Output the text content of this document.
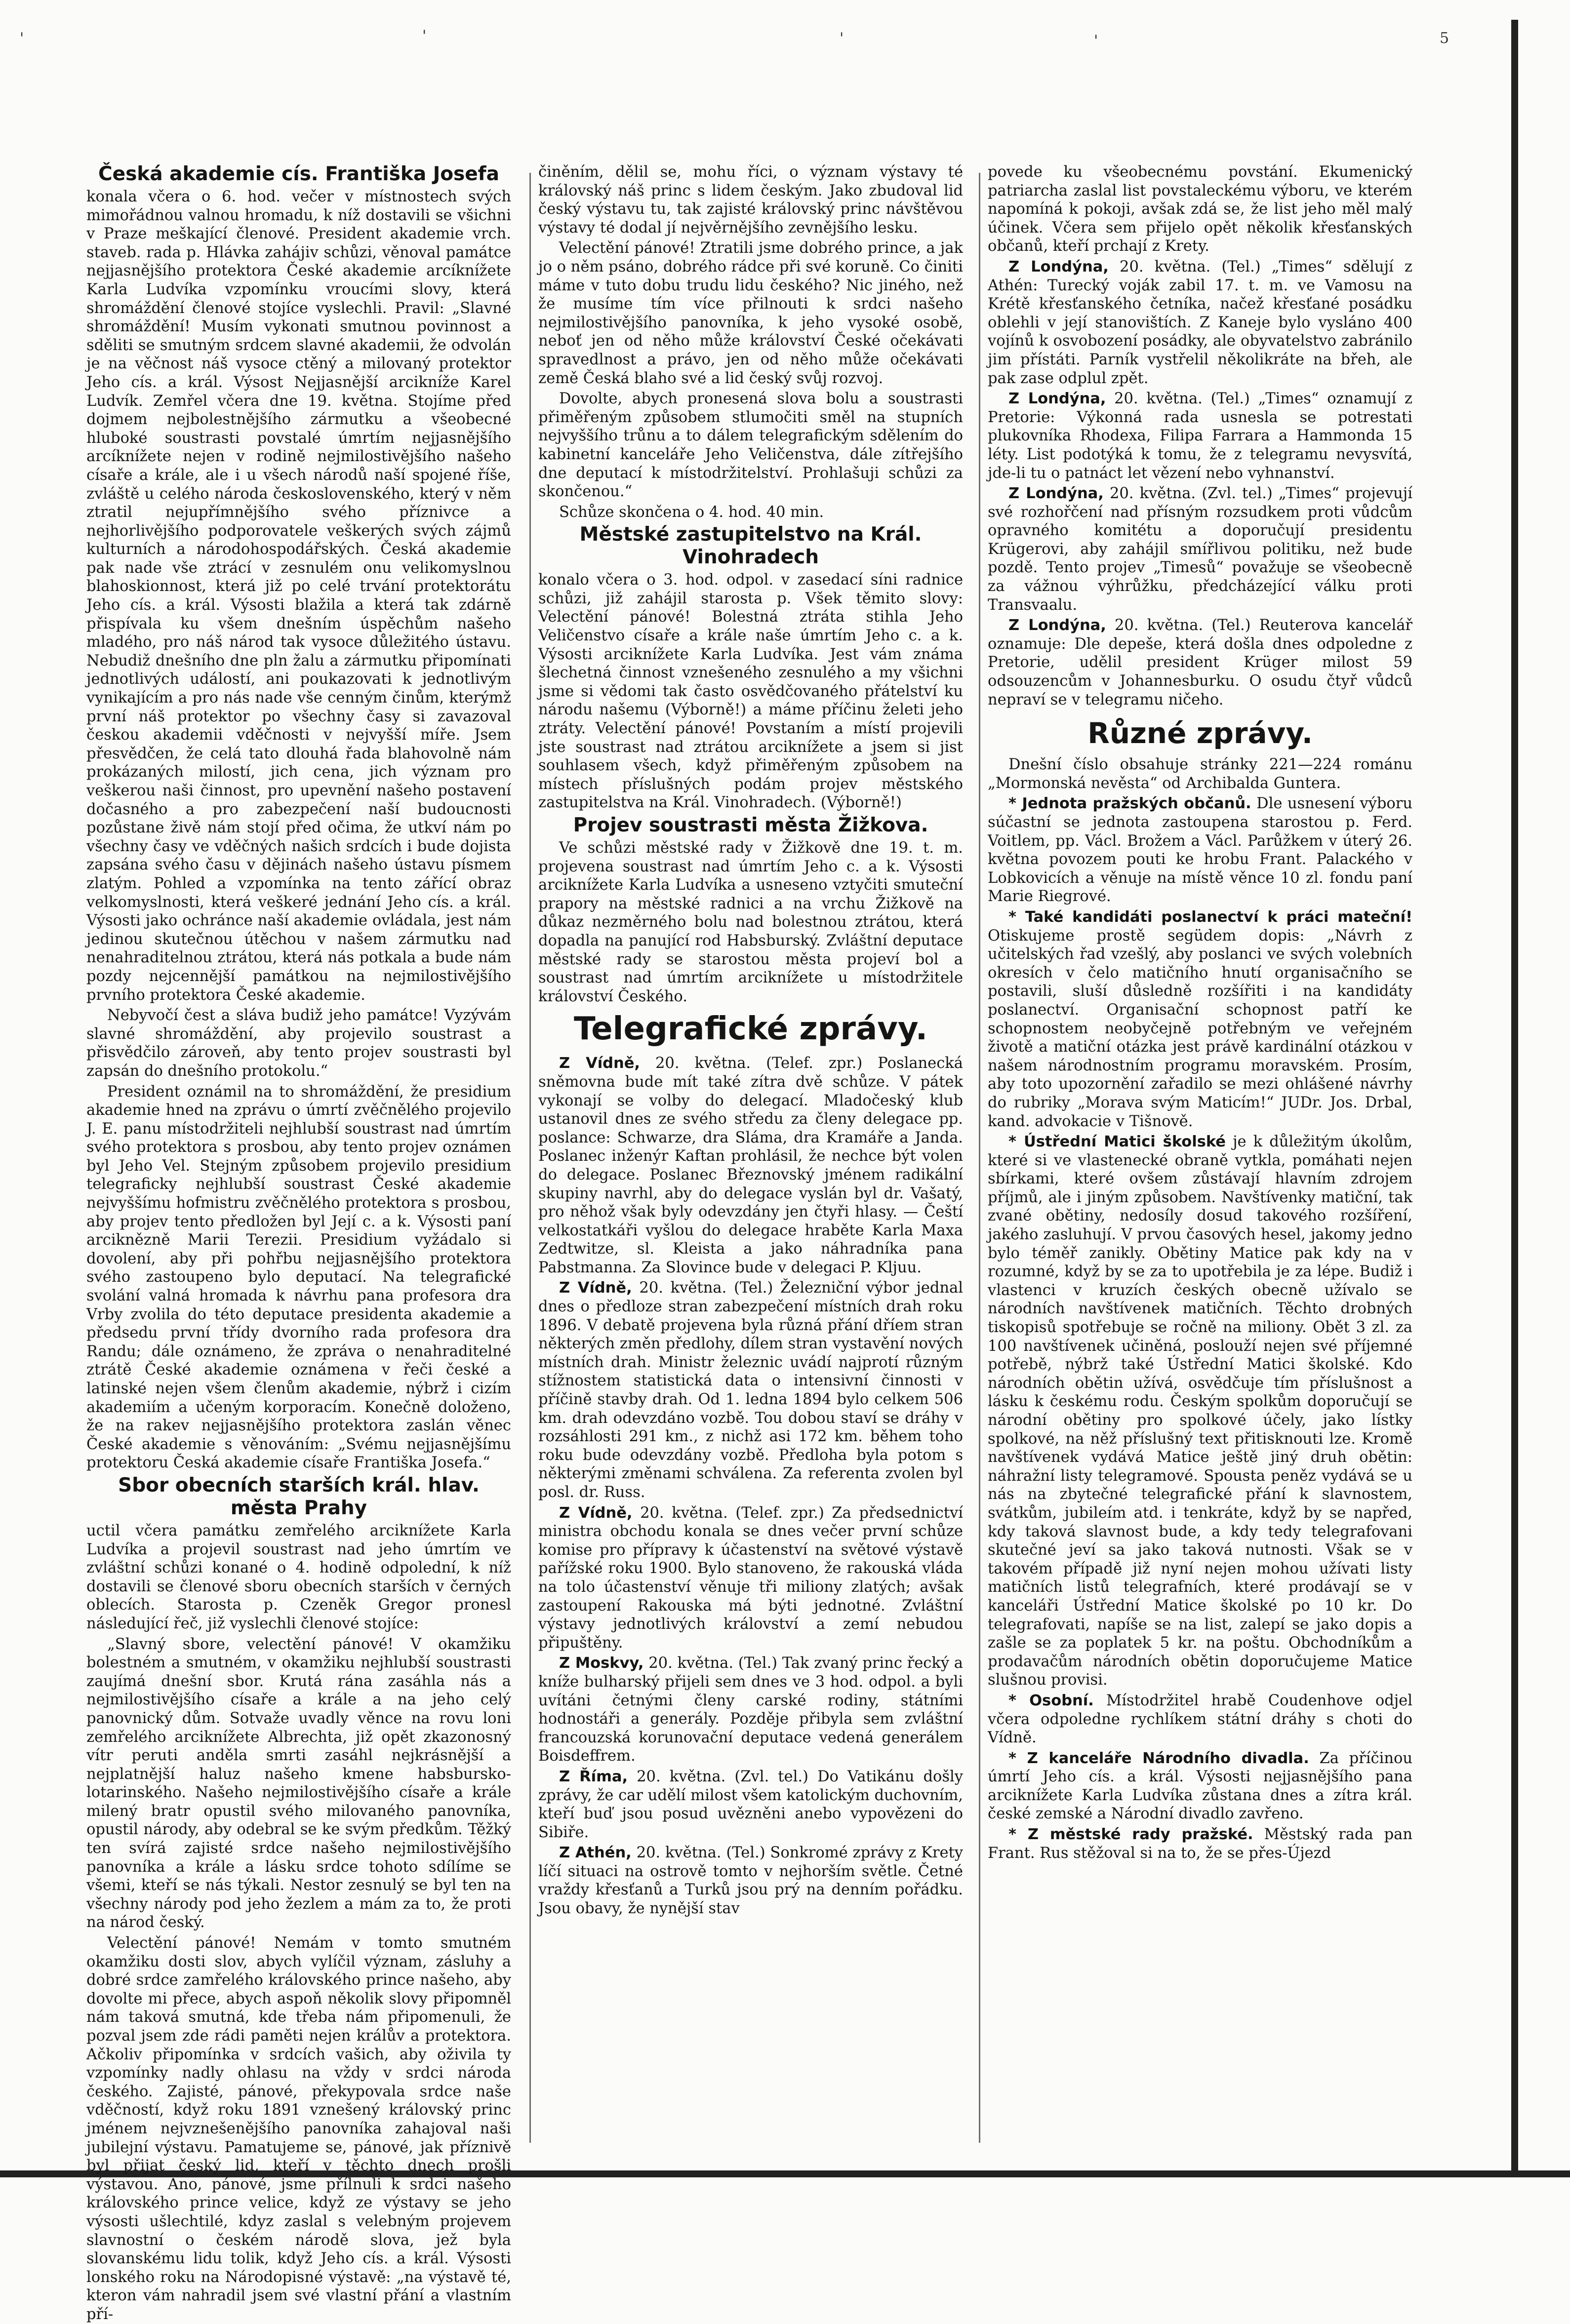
'	'	'	'	5
Česká akademie cís. Františka Josefa

konala včera o 6. hod. večer v místnostech svých mimořádnou valnou hromadu, k níž dostavili se všichni v Praze meškající členové. President akademie vrch. staveb. rada p. Hlávka zahájiv schůzi, věnoval památce nejjasnějšího protektora České akademie arcíknížete Karla Ludvíka vzpomínku vroucími slovy, která shromáždění členové stojíce vyslechli. Pravil: „Slavné shromáždění! Musím vykonati smutnou povinnost a sděliti se smutným srdcem slavné akademii, že odvolán je na věčnost náš vysoce ctěný a milovaný protektor Jeho cís. a král. Výsost Nejjasnější arcikníže Karel Ludvík. Zemřel včera dne 19. května. Stojíme před dojmem nejbolestnějšího zármutku a všeobecné hluboké soustrasti povstalé úmrtím nejjasnějšího arcíknížete nejen v rodině nejmilostivějšího našeho císaře a krále, ale i u všech národů naší spojené říše, zvláště u celého národa československého, který v něm ztratil nejupřímnějšího svého příznivce a nejhorlivějšího podporovatele veškerých svých zájmů kulturních a národohospodářských. Česká akademie pak nade vše ztrácí v zesnulém onu velikomyslnou blahoskionnost, která již po celé trvání protektorátu Jeho cís. a král. Výsosti blažila a která tak zdárně přispívala ku všem dnešním úspěchům našeho mladého, pro náš národ tak vysoce důležitého ústavu. Nebudiž dnešního dne pln žalu a zármutku připomínati jednotlivých událostí, ani poukazovati k jednotlivým vynikajícím a pro nás nade vše cenným činům, kterýmž první náš protektor po všechny časy si zavazoval českou akademii vděčnosti v nejvyšší míře. Jsem přesvědčen, že celá tato dlouhá řada blahovolně nám prokázaných milostí, jich cena, jich význam pro veškerou naši činnost, pro upevnění našeho postavení dočasného a pro zabezpečení naší budoucnosti pozůstane živě nám stojí před očima, že utkví nám po všechny časy ve vděčných našich srdcích i bude dojista zapsána svého času v dějinách našeho ústavu písmem zlatým. Pohled a vzpomínka na tento zářící obraz velkomyslnosti, která veškeré jednání Jeho cís. a král. Výsosti jako ochránce naší akademie ovládala, jest nám jedinou skutečnou útěchou v našem zármutku nad nenahraditelnou ztrátou, která nás potkala a bude nám pozdy nejcennější památkou na nejmilostivějšího prvního protektora České akademie.

Nebyvočí čest a sláva budiž jeho památce! Vyzývám slavné shromáždění, aby projevilo soustrast a přisvědčilo zároveň, aby tento projev soustrasti byl zapsán do dnešního protokolu.“

President oznámil na to shromáždění, že presidium akademie hned na zprávu o úmrtí zvěčnělého projevilo J. E. panu místodržiteli nejhlubší soustrast nad úmrtím svého protektora s prosbou, aby tento projev oznámen byl Jeho Vel. Stejným způsobem projevilo presidium telegraficky nejhlubší soustrast České akademie nejvyššímu hofmistru zvěčnělého protektora s prosbou, aby projev tento předložen byl Její c. a k. Výsosti paní arciknězně Marii Terezii. Presidium vyžádalo si dovolení, aby při pohřbu nejjasnějšího protektora svého zastoupeno bylo deputací. Na telegrafické svolání valná hromada k návrhu pana profesora dra Vrby zvolila do této deputace presidenta akademie a předsedu první třídy dvorního rada profesora dra Randu; dále oznámeno, že zpráva o nenahraditelné ztrátě České akademie oznámena v řeči české a latinské nejen všem členům akademie, nýbrž i cizím akademiím a učeným korporacím. Konečně doloženo, že na rakev nejjasnějšího protektora zaslán věnec České akademie s věnováním: „Svému nejjasnějšímu protektoru Česká akademie císaře Františka Josefa.“

Sbor obecních starších král. hlav. města Prahy

uctil včera památku zemřelého arciknížete Karla Ludvíka a projevil soustrast nad jeho úmrtím ve zvláštní schůzi konané o 4. hodině odpolední, k níž dostavili se členové sboru obecních starších v černých oblecích. Starosta p. Czeněk Gregor pronesl následující řeč, již vyslechli členové stojíce:

„Slavný sbore, velectění pánové! V okamžiku bolestném a smutném, v okamžiku nejhlubší soustrasti zaujímá dnešní sbor. Krutá rána zasáhla nás a nejmilostivějšího císaře a krále a na jeho celý panovnický dům. Sotvaže uvadly věnce na rovu loni zemřelého arciknížete Albrechta, již opět zkazonosný vítr peruti anděla smrti zasáhl nejkrásnější a nejplatnější haluz našeho kmene habsbursko-lotarinského. Našeho nejmilostivějšího císaře a krále milený bratr opustil svého milovaného panovníka, opustil národy, aby odebral se ke svým předkům. Těžký ten svírá zajisté srdce našeho nejmilostivějšího panovníka a krále a lásku srdce tohoto sdílíme se všemi, kteří se nás týkali. Nestor zesnulý se byl ten na všechny národy pod jeho žezlem a mám za to, že proti na národ český.

Velectění pánové! Nemám v tomto smutném okamžiku dosti slov, abych vylíčil význam, zásluhy a dobré srdce zamřelého královského prince našeho, aby dovolte mi přece, abych aspoň několik slovy připomněl nám taková smutná, kde třeba nám připomenuli, že pozval jsem zde rádi paměti nejen králův a protektora. Ačkoliv připomínka v srdcích vašich, aby oživila ty vzpomínky nadly ohlasu na vždy v srdci národa českého. Zajisté, pánové, překypovala srdce naše vděčností, když roku 1891 vznešený královský princ jménem nejvznešenějšího panovníka zahajoval naši jubilejní výstavu. Pamatujeme se, pánové, jak příznivě byl přijat český lid, kteří v těchto dnech prošli výstavou. Ano, pánové, jsme přílnuli k srdci našeho královského prince velice, když ze výstavy se jeho výsosti ušlechtilé, kdyz zaslal s velebným projevem slavnostní o českém národě slova, jež byla slovanskému lidu tolik, když Jeho cís. a král. Výsosti lonského roku na Národopisné výstavě: „na výstavě té, kteron vám nahradil jsem své vlastní přání a vlastním pří-

činěním, dělil se, mohu říci, o význam výstavy té královský náš princ s lidem českým. Jako zbudoval lid český výstavu tu, tak zajisté královský princ návštěvou výstavy té dodal jí nejvěrnějšího zevnějšího lesku.

Velectění pánové! Ztratili jsme dobrého prince, a jak jo o něm psáno, dobrého rádce při své koruně. Co činiti máme v tuto dobu trudu lidu českého? Nic jiného, než že musíme tím více přilnouti k srdci našeho nejmilostivějšího panovníka, k jeho vysoké osobě, neboť jen od něho může království České očekávati spravedlnost a právo, jen od něho může očekávati země Česká blaho své a lid český svůj rozvoj.

Dovolte, abych pronesená slova bolu a soustrasti přiměřeným způsobem stlumočiti směl na stupních nejvyššího trůnu a to dálem telegrafickým sdělením do kabinetní kanceláře Jeho Veličenstva, dále zítřejšího dne deputací k místodržitelství. Prohlašuji schůzi za skončenou.“

Schůze skončena o 4. hod. 40 min.

Městské zastupitelstvo na Král. Vinohradech

konalo včera o 3. hod. odpol. v zasedací síni radnice schůzi, již zahájil starosta p. Všek těmito slovy: Velectění pánové! Bolestná ztráta stihla Jeho Veličenstvo císaře a krále naše úmrtím Jeho c. a k. Výsosti arciknížete Karla Ludvíka. Jest vám známa šlechetná činnost vznešeného zesnulého a my všichni jsme si vědomi tak často osvědčovaného přátelství ku národu našemu (Výborně!) a máme příčinu želeti jeho ztráty. Velectění pánové! Povstaním a místí projevili jste soustrast nad ztrátou arciknížete a jsem si jist souhlasem všech, když přiměřeným způsobem na místech příslušných podám projev městského zastupitelstva na Král. Vinohradech. (Výborně!)

Projev soustrasti města Žižkova.

Ve schůzi městské rady v Žižkově dne 19. t. m. projevena soustrast nad úmrtím Jeho c. a k. Výsosti arciknížete Karla Ludvíka a usneseno vztyčiti smuteční prapory na městské radnici a na vrchu Žižkově na důkaz nezměrného bolu nad bolestnou ztrátou, která dopadla na panující rod Habsburský. Zvláštní deputace městské rady se starostou města projeví bol a soustrast nad úmrtím arciknížete u místodržitele království Českého.

Telegrafické zprávy.

Z Vídně, 20. května. (Telef. zpr.) Poslanecká sněmovna bude mít také zítra dvě schůze. V pátek vykonají se volby do delegací. Mladočeský klub ustanovil dnes ze svého středu za členy delegace pp. poslance: Schwarze, dra Sláma, dra Kramáře a Janda. Poslanec inženýr Kaftan prohlásil, že nechce být volen do delegace. Poslanec Březnovský jménem radikální skupiny navrhl, aby do delegace vyslán byl dr. Vašatý, pro něhož však byly odevzdány jen čtyři hlasy. — Čeští velkostatkáři vyšlou do delegace hraběte Karla Maxa Zedtwitze, sl. Kleista a jako náhradníka pana Pabstmanna. Za Slovince bude v delegaci P. Kljuu.

Z Vídně, 20. května. (Tel.) Železniční výbor jednal dnes o předloze stran zabezpečení místních drah roku 1896. V debatě projevena byla různá přání dříem stran některých změn předlohy, dílem stran vystavění nových místních drah. Ministr železnic uvádí najprotí různým stížnostem statistická data o intensivní činnosti v příčině stavby drah. Od 1. ledna 1894 bylo celkem 506 km. drah odevzdáno vozbě. Tou dobou staví se dráhy v rozsáhlosti 291 km., z nichž asi 172 km. během toho roku bude odevzdány vozbě. Předloha byla potom s některými změnami schválena. Za referenta zvolen byl posl. dr. Russ.

Z Vídně, 20. května. (Telef. zpr.) Za předsednictví ministra obchodu konala se dnes večer první schůze komise pro přípravy k účastenství na světové výstavě pařížské roku 1900. Bylo stanoveno, že rakouská vláda na tolo účastenství věnuje tři miliony zlatých; avšak zastoupení Rakouska má býti jednotné. Zvláštní výstavy jednotlivých království a zemí nebudou připuštěny.

Z Moskvy, 20. května. (Tel.) Tak zvaný princ řecký a kníže bulharský přijeli sem dnes ve 3 hod. odpol. a byli uvítáni četnými členy carské rodiny, státními hodnostáři a generály. Pozděje přibyla sem zvláštní francouzská korunovační deputace vedená generálem Boisdeffrem.

Z Říma, 20. května. (Zvl. tel.) Do Vatikánu došly zprávy, že car udělí milost všem katolickým duchovním, kteří buď jsou posud uvězněni anebo vypovězeni do Sibiře.

Z Athén, 20. května. (Tel.) Sonkromé zprávy z Krety líčí situaci na ostrově tomto v nejhorším světle. Četné vraždy křesťanů a Turků jsou prý na denním pořádku. Jsou obavy, že nynější stav

povede ku všeobecnému povstání. Ekumenický patriarcha zaslal list povstaleckému výboru, ve kterém napomíná k pokoji, avšak zdá se, že list jeho měl malý účinek. Včera sem přijelo opět několik křesťanských občanů, kteří prchají z Krety.

Z Londýna, 20. května. (Tel.) „Times“ sdělují z Athén: Turecký voják zabil 17. t. m. ve Vamosu na Krétě křesťanského četníka, načež křesťané posádku oblehli v její stanovištích. Z Kaneje bylo vysláno 400 vojínů k osvobození posádky, ale obyvatelstvo zabránilo jim přístáti. Parník vystřelil několikráte na břeh, ale pak zase odplul zpět.

Z Londýna, 20. května. (Tel.) „Times“ oznamují z Pretorie: Výkonná rada usnesla se potrestati plukovníka Rhodexa, Filipa Farrara a Hammonda 15 léty. List podotýká k tomu, že z telegramu nevysvítá, jde-li tu o patnáct let vězení nebo vyhnanství.

Z Londýna, 20. května. (Zvl. tel.) „Times“ projevují své rozhořčení nad přísným rozsudkem proti vůdcům opravného komitétu a doporučují presidentu Krügerovi, aby zahájil smířlivou politiku, než bude pozdě. Tento projev „Timesů“ považuje se všeobecně za vážnou výhrůžku, předcházející válku proti Transvaalu.

Z Londýna, 20. května. (Tel.) Reuterova kancelář oznamuje: Dle depeše, která došla dnes odpoledne z Pretorie, udělil president Krüger milost 59 odsouzencům v Johannesburku. O osudu čtyř vůdců nepraví se v telegramu ničeho.

Různé zprávy.

Dnešní číslo obsahuje stránky 221—224 románu „Mormonská nevěsta“ od Archibalda Guntera.

* Jednota pražských občanů. Dle usnesení výboru súčastní se jednota zastoupena starostou p. Ferd. Voitlem, pp. Václ. Brožem a Václ. Parůžkem v úterý 26. května povozem pouti ke hrobu Frant. Palackého v Lobkovicích a věnuje na místě věnce 10 zl. fondu paní Marie Riegrové.

* Také kandidáti poslanectví k práci mateční! Otiskujeme prostě següdem dopis: „Návrh z učitelských řad vzešlý, aby poslanci ve svých volebních okresích v čelo matičního hnutí organisačního se postavili, sluší důsledně rozšířiti i na kandidáty poslanectví. Organisační schopnost patří ke schopnostem neobyčejně potřebným ve veřejném životě a matiční otázka jest právě kardinální otázkou v našem národnostním programu moravském. Prosím, aby toto upozornění zařadilo se mezi ohlášené návrhy do rubriky „Morava svým Maticím!“ JUDr. Jos. Drbal, kand. advokacie v Tišnově.

* Ústřední Matici školské je k důležitým úkolům, které si ve vlastenecké obraně vytkla, pomáhati nejen sbírkami, které ovšem zůstávají hlavním zdrojem příjmů, ale i jiným způsobem. Navštívenky matiční, tak zvané obětiny, nedosíly dosud takového rozšíření, jakého zasluhují. V prvou časových hesel, jakomy jedno bylo téměř zanikly. Obětiny Matice pak kdy na v rozumné, když by se za to upotřebila je za lépe. Budiž i vlastenci v kruzích českých obecně užívalo se národních navštívenek matičních. Těchto drobných tiskopisů spotřebuje se ročně na miliony. Obět 3 zl. za 100 navštívenek učiněná, poslouží nejen své příjemné potřebě, nýbrž také Ústřední Matici školské. Kdo národních obětin užívá, osvědčuje tím příslušnost a lásku k českému rodu. Českým spolkům doporučují se národní obětiny pro spolkové účely, jako lístky spolkové, na něž příslušný text přitisknouti lze. Kromě navštívenek vydává Matice ještě jiný druh obětin: náhražní listy telegramové. Spousta peněz vydává se u nás na zbytečné telegrafické přání k slavnostem, svátkům, jubileím atd. i tenkráte, když by se napřed, kdy taková slavnost bude, a kdy tedy telegrafovani skutečné jeví sa jako taková nutnosti. Však se v takovém případě již nyní nejen mohou užívati listy matičních listů telegrafních, které prodávají se v kanceláři Ústřední Matice školské po 10 kr. Do telegrafovati, napíše se na list, zalepí se jako dopis a zašle se za poplatek 5 kr. na poštu. Obchodníkům a prodavačům národních obětin doporučujeme Matice slušnou provisi.

* Osobní. Místodržitel hrabě Coudenhove odjel včera odpoledne rychlíkem státní dráhy s choti do Vídně.

* Z kanceláře Národního divadla. Za příčinou úmrtí Jeho cís. a král. Výsosti nejjasnějšího pana arciknížete Karla Ludvíka zůstana dnes a zítra král. české zemské a Národní divadlo zavřeno.

* Z městské rady pražské. Městský rada pan Frant. Rus stěžoval si na to, že se přes-Újezd
